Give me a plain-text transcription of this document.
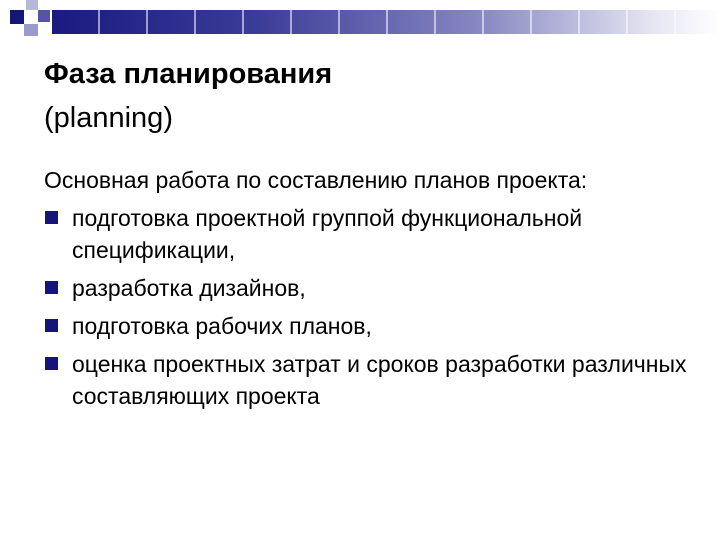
Фаза планирования
(planning)

Основная работа по составлению планов проекта:

подготовка проектной группой функциональной спецификации,
разработка дизайнов,
подготовка рабочих планов,
оценка проектных затрат и сроков разработки различных составляющих проекта
